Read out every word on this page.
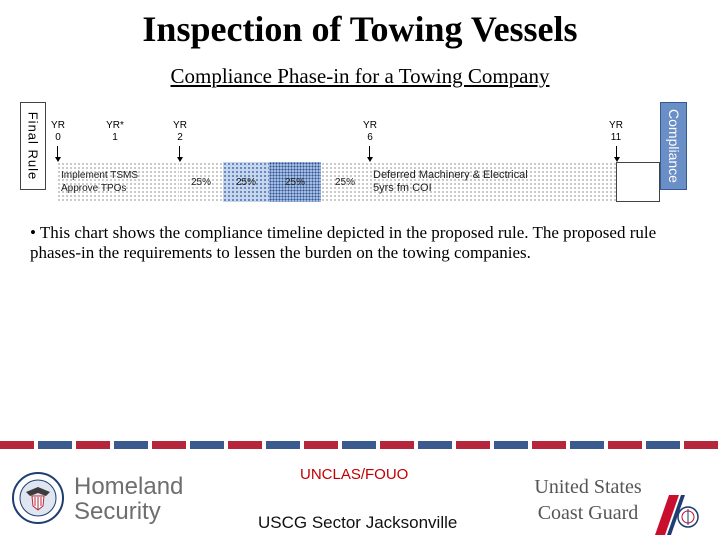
Inspection of Towing Vessels
Compliance Phase-in for a Towing Company
Final Rule	Compliance
YR
0
YR*
1
YR
2
YR
6
YR
11
Implement TSMS
Approve TPOs
25% 25%	25%	25%
Deferred Machinery & Electrical
5yrs fm COI
• This chart shows the compliance timeline depicted in the proposed rule. The proposed rule phases-in the requirements to lessen the burden on the towing companies.
Homeland
Security
UNCLAS/FOUO
USCG Sector Jacksonville
United States
Coast Guard
